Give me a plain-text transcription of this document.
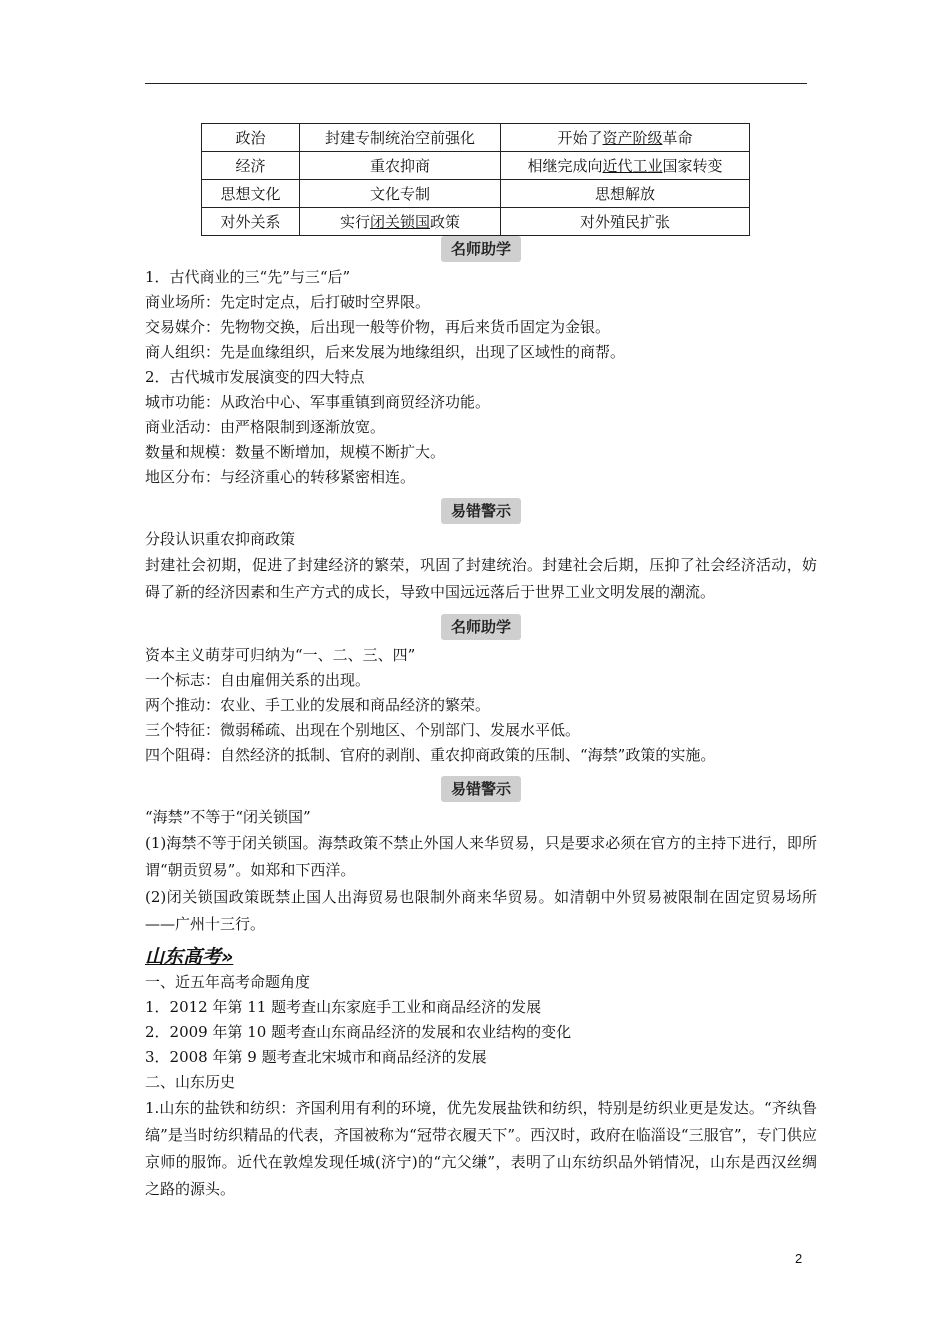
政治	封建专制统治空前强化	开始了资产阶级革命
经济	重农抑商	相继完成向近代工业国家转变
思想文化	文化专制	思想解放
对外关系	实行闭关锁国政策	对外殖民扩张
名师助学
1．古代商业的三“先”与三“后”
商业场所：先定时定点，后打破时空界限。
交易媒介：先物物交换，后出现一般等价物，再后来货币固定为金银。
商人组织：先是血缘组织，后来发展为地缘组织，出现了区域性的商帮。
2．古代城市发展演变的四大特点
城市功能：从政治中心、军事重镇到商贸经济功能。
商业活动：由严格限制到逐渐放宽。
数量和规模：数量不断增加，规模不断扩大。
地区分布：与经济重心的转移紧密相连。
易错警示
分段认识重农抑商政策
封建社会初期，促进了封建经济的繁荣，巩固了封建统治。封建社会后期，压抑了社会经济活动，妨碍了新的经济因素和生产方式的成长，导致中国远远落后于世界工业文明发展的潮流。
名师助学
资本主义萌芽可归纳为“一、二、三、四”
一个标志：自由雇佣关系的出现。
两个推动：农业、手工业的发展和商品经济的繁荣。
三个特征：微弱稀疏、出现在个别地区、个别部门、发展水平低。
四个阻碍：自然经济的抵制、官府的剥削、重农抑商政策的压制、“海禁”政策的实施。
易错警示
“海禁”不等于“闭关锁国”
(1)海禁不等于闭关锁国。海禁政策不禁止外国人来华贸易，只是要求必须在官方的主持下进行，即所谓“朝贡贸易”。如郑和下西洋。
(2)闭关锁国政策既禁止国人出海贸易也限制外商来华贸易。如清朝中外贸易被限制在固定贸易场所——广州十三行。
山东高考»
一、近五年高考命题角度
1．2012 年第 11 题考查山东家庭手工业和商品经济的发展
2．2009 年第 10 题考查山东商品经济的发展和农业结构的变化
3．2008 年第 9 题考查北宋城市和商品经济的发展
二、山东历史
1.山东的盐铁和纺织：齐国利用有利的环境，优先发展盐铁和纺织，特别是纺织业更是发达。“齐纨鲁缟”是当时纺织精品的代表，齐国被称为“冠带衣履天下”。西汉时，政府在临淄设“三服官”，专门供应京师的服饰。近代在敦煌发现任城(济宁)的“亢父缣”，表明了山东纺织品外销情况，山东是西汉丝绸之路的源头。
2
